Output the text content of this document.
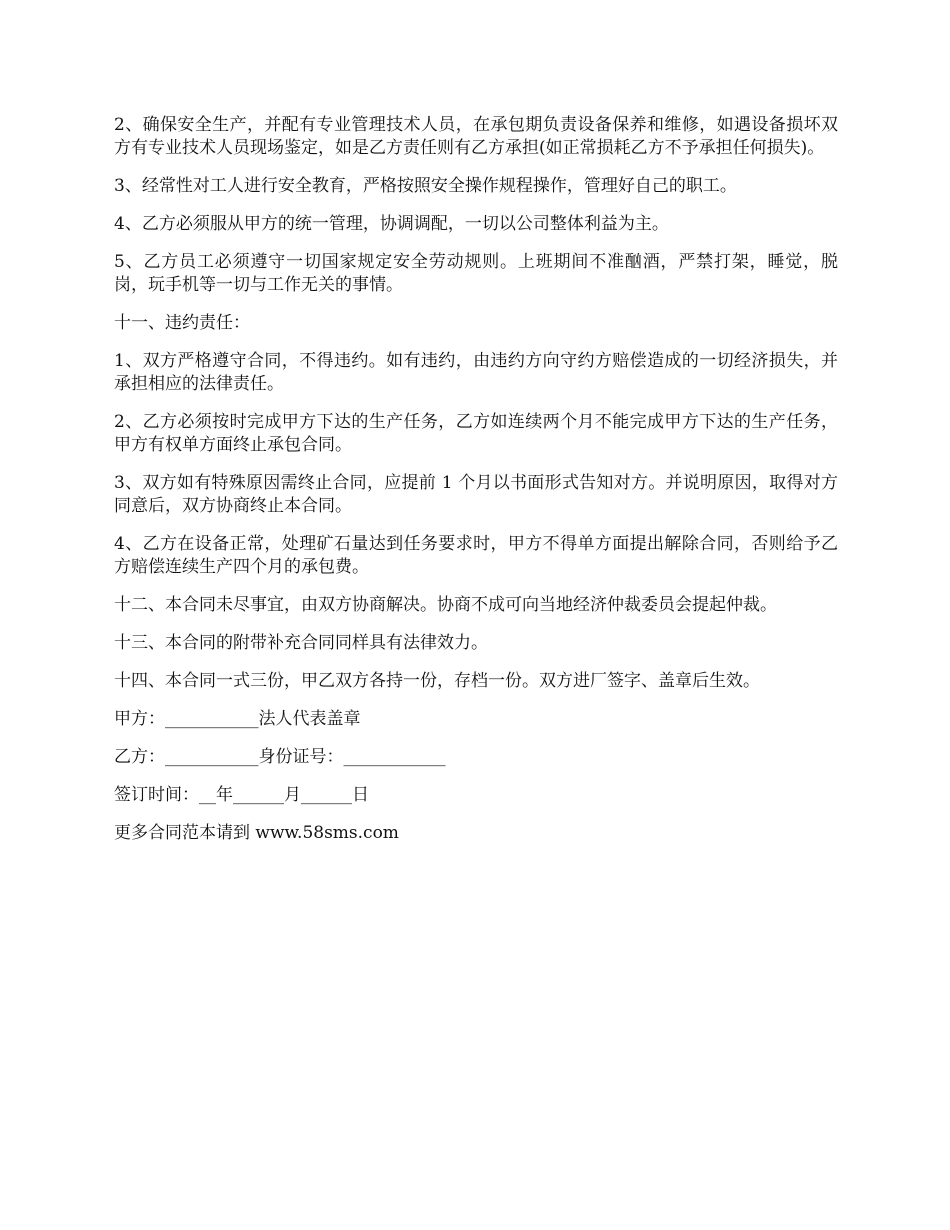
2、确保安全生产，并配有专业管理技术人员，在承包期负责设备保养和维修，如遇设备损坏双方有专业技术人员现场鉴定，如是乙方责任则有乙方承担(如正常损耗乙方不予承担任何损失)。

3、经常性对工人进行安全教育，严格按照安全操作规程操作，管理好自己的职工。

4、乙方必须服从甲方的统一管理，协调调配，一切以公司整体利益为主。

5、乙方员工必须遵守一切国家规定安全劳动规则。上班期间不准酗酒，严禁打架，睡觉，脱岗，玩手机等一切与工作无关的事情。

十一、违约责任：

1、双方严格遵守合同，不得违约。如有违约，由违约方向守约方赔偿造成的一切经济损失，并承担相应的法律责任。

2、乙方必须按时完成甲方下达的生产任务，乙方如连续两个月不能完成甲方下达的生产任务，甲方有权单方面终止承包合同。

3、双方如有特殊原因需终止合同，应提前 1 个月以书面形式告知对方。并说明原因，取得对方同意后，双方协商终止本合同。

4、乙方在设备正常，处理矿石量达到任务要求时，甲方不得单方面提出解除合同，否则给予乙方赔偿连续生产四个月的承包费。

十二、本合同未尽事宜，由双方协商解决。协商不成可向当地经济仲裁委员会提起仲裁。

十三、本合同的附带补充合同同样具有法律效力。

十四、本合同一式三份，甲乙双方各持一份，存档一份。双方进厂签字、盖章后生效。

甲方：___________法人代表盖章

乙方：___________身份证号：____________

签订时间：__年______月______日

更多合同范本请到 www.58sms.com
